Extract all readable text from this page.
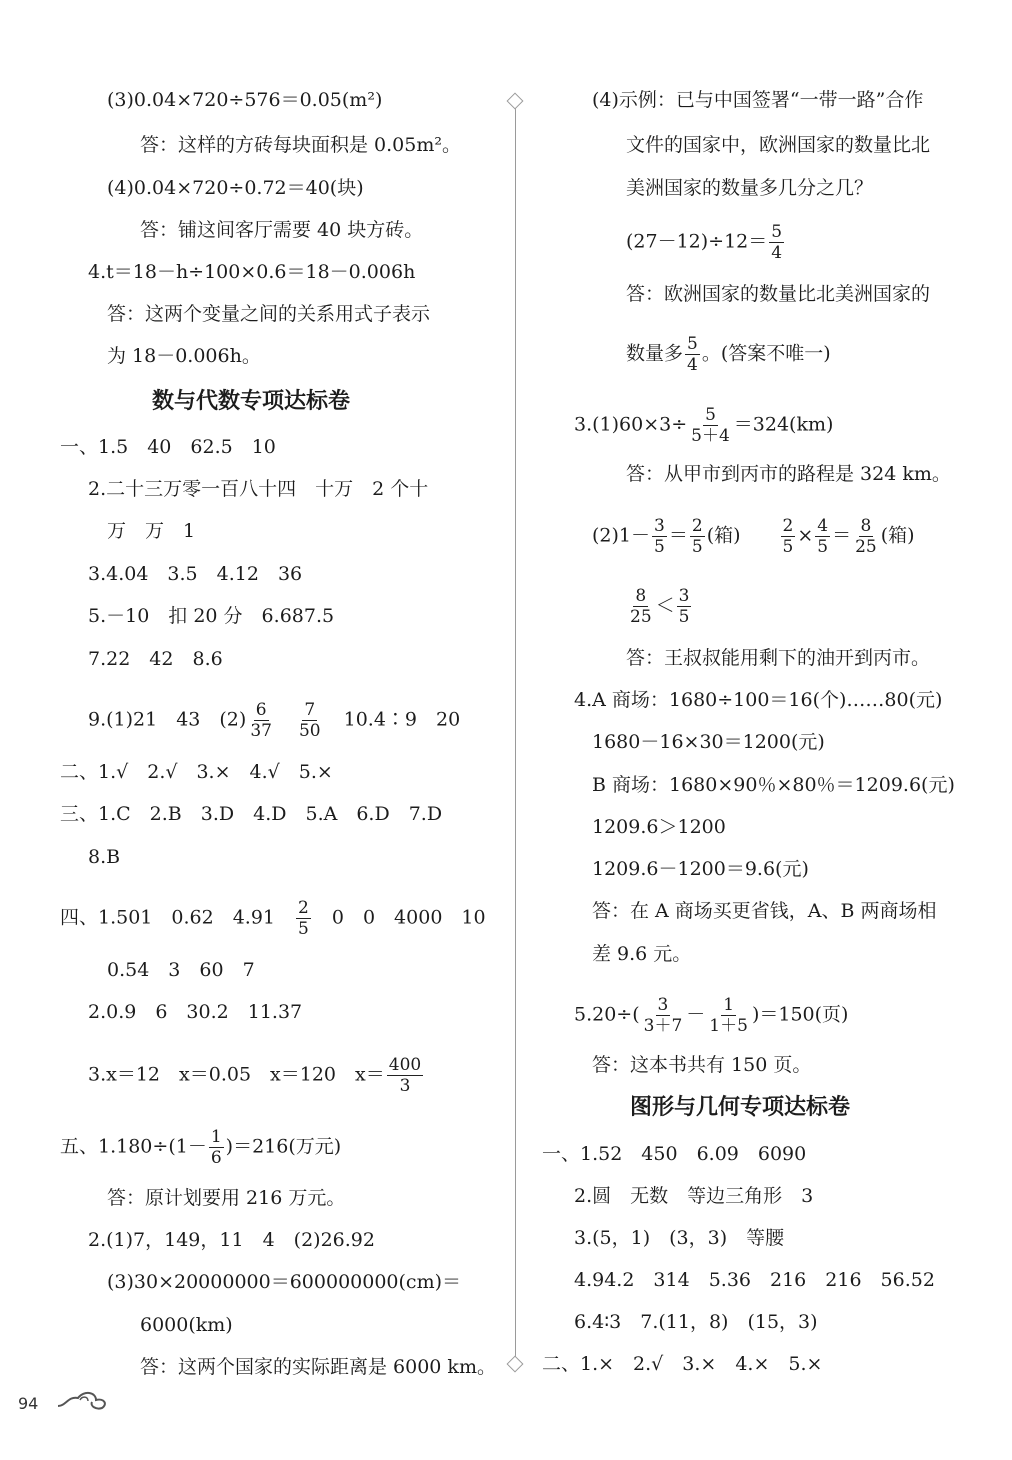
(3)0.04×720÷576＝0.05(m²)
答：这样的方砖每块面积是 0.05m²。
(4)0.04×720÷0.72＝40(块)
答：铺这间客厅需要 40 块方砖。
4.t＝18－h÷100×0.6＝18－0.006h
答：这两个变量之间的关系用式子表示
为 18－0.006h。
数与代数专项达标卷
一、1.5　40　62.5　10
2.二十三万零一百八十四　十万　2 个十
万　万　1
3.4.04　3.5　4.12　36
5.－10　扣 20 分　6.687.5
7.22　42　8.6
9.(1)21　43　$(2) \frac{6}{37}$
　 $\frac{7}{50}$
　 10.4∶9　20
二、1.√　2.√　3.×　4.√　5.×
三、1.C　2.B　3.D　4.D　5.A　6.D　7.D
8.B
四、1.501　0.62　4.91　 $\frac{2}{5}$
　 0　0　4000　10
0.54　3　60　7
2.0.9　6　30.2　11.37
3.x＝12　x＝0.05　x＝120　$x= \frac{400}{3}$
五、$1.180\div(1- \frac{1}{6} )=216$(万元)
答：原计划要用 216 万元。
2.(1)7，149，11　4　(2)26.92
(3)30×20000000＝600000000(cm)＝
6000(km)
答：这两个国家的实际距离是 6000 km。
(4)示例：已与中国签署“一带一路”合作
文件的国家中，欧洲国家的数量比北
美洲国家的数量多几分之几？
$(27-12)\div 12= \frac{5}{4}$
答：欧洲国家的数量比北美洲国家的
数量多 $\frac{5}{4}$ 。(答案不唯一)
$3.(1)60\times 3\div \frac{5}{5+4} =324(km)$
答：从甲市到丙市的路程是 324 km。
$(2)1- \frac{3}{5} = \frac{2}{5}$ (箱)　　 $\frac{2}{5} \times \frac{4}{5} = \frac{8}{25}$ (箱)
$\frac{8}{25} < \frac{3}{5}$
答：王叔叔能用剩下的油开到丙市。
4.A 商场：1680÷100＝16(个)……80(元)
1680－16×30＝1200(元)
B 商场：1680×90％×80％＝1209.6(元)
1209.6＞1200
1209.6－1200＝9.6(元)
答：在 A 商场买更省钱，A、B 两商场相
差 9.6 元。
$5.20\div( \frac{3}{3+7} - \frac{1}{1+5} )=150$(页)
答：这本书共有 150 页。
图形与几何专项达标卷
一、1.52　450　6.09　6090
2.圆　无数　等边三角形　3
3.(5，1)　(3，3)　等腰
4.94.2　314　5.36　216　216　56.52
6.4∶3　7.(11，8)　(15，3)
二、1.×　2.√　3.×　4.×　5.×
94
